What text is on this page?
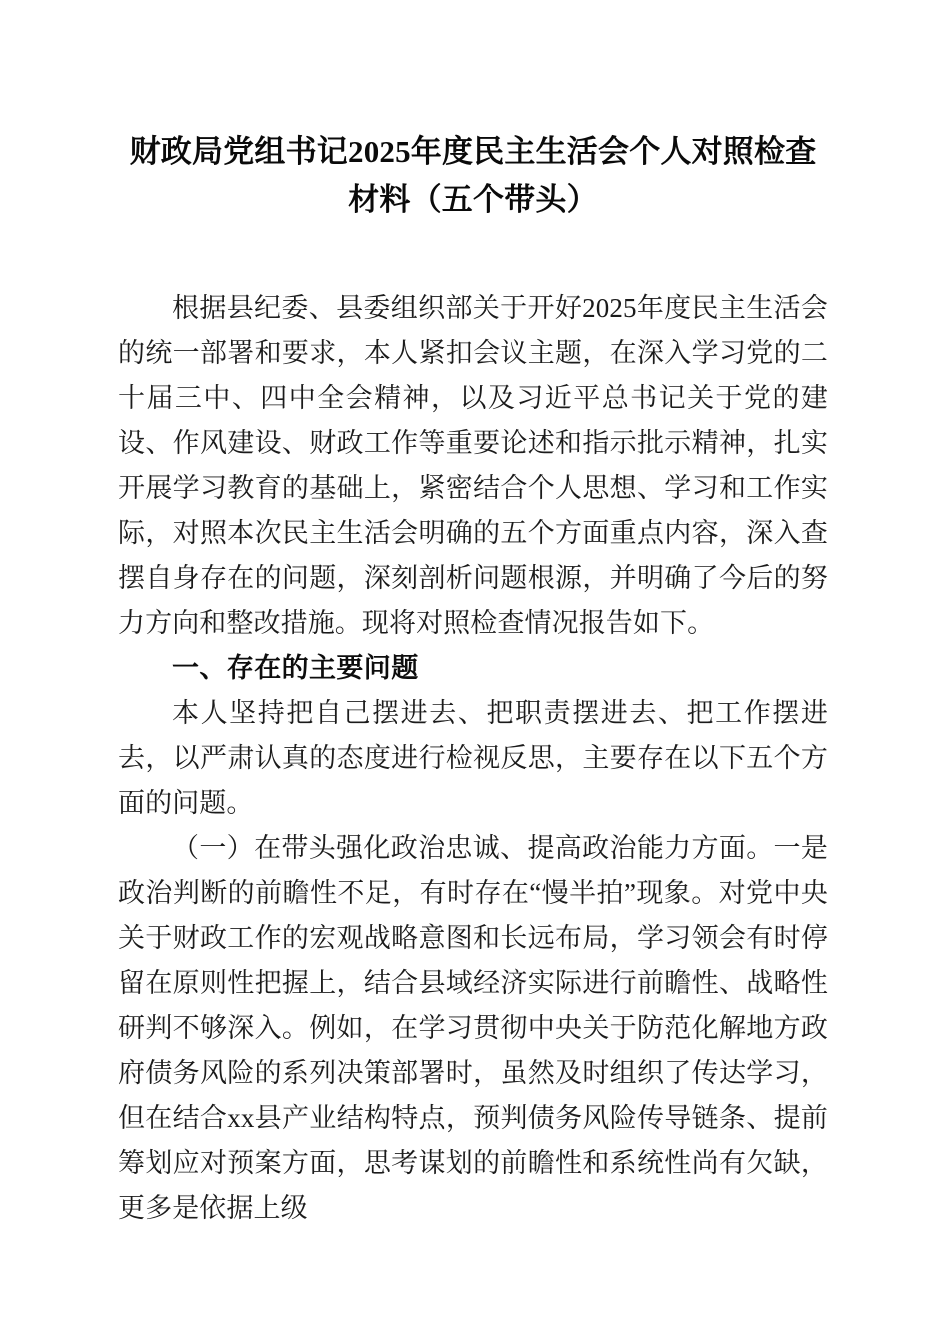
财政局党组书记2025年度民主生活会个人对照检查材料（五个带头）

根据县纪委、县委组织部关于开好2025年度民主生活会的统一部署和要求，本人紧扣会议主题，在深入学习党的二十届三中、四中全会精神，以及习近平总书记关于党的建设、作风建设、财政工作等重要论述和指示批示精神，扎实开展学习教育的基础上，紧密结合个人思想、学习和工作实际，对照本次民主生活会明确的五个方面重点内容，深入查摆自身存在的问题，深刻剖析问题根源，并明确了今后的努力方向和整改措施。现将对照检查情况报告如下。

一、存在的主要问题

本人坚持把自己摆进去、把职责摆进去、把工作摆进去，以严肃认真的态度进行检视反思，主要存在以下五个方面的问题。

（一）在带头强化政治忠诚、提高政治能力方面。一是政治判断的前瞻性不足，有时存在“慢半拍”现象。对党中央关于财政工作的宏观战略意图和长远布局，学习领会有时停留在原则性把握上，结合县域经济实际进行前瞻性、战略性研判不够深入。例如，在学习贯彻中央关于防范化解地方政府债务风险的系列决策部署时，虽然及时组织了传达学习，但在结合xx县产业结构特点，预判债务风险传导链条、提前筹划应对预案方面，思考谋划的前瞻性和系统性尚有欠缺，更多是依据上级
